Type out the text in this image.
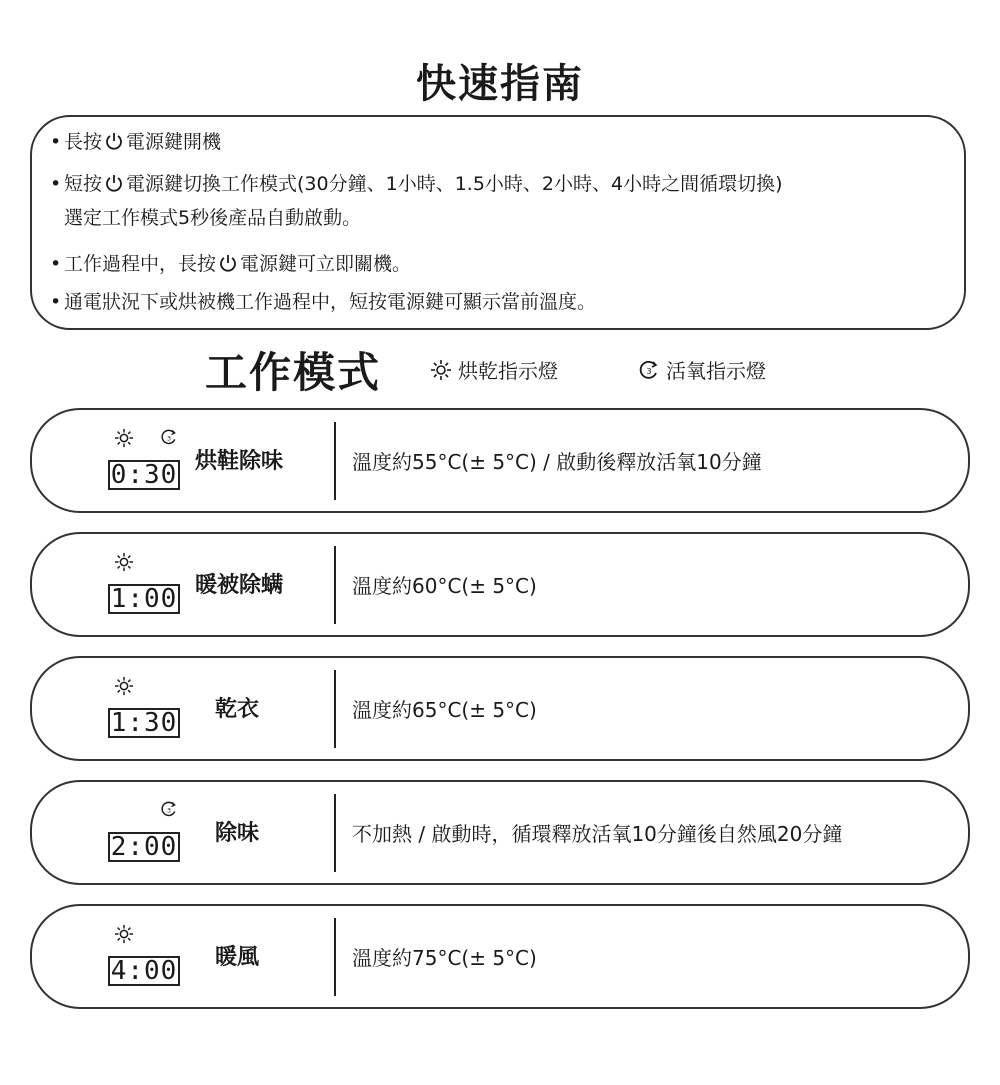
快速指南
• 長按 電源鍵開機
• 短按 電源鍵切換工作模式(30分鐘、1小時、1.5小時、2小時、4小時之間循環切換)
選定工作模式5秒後產品自動啟動。
• 工作過程中，長按 電源鍵可立即關機。
• 通電狀況下或烘被機工作過程中，短按電源鍵可顯示當前溫度。
工作模式	烘乾指示燈	3 活氧指示燈
3
0:30 烘鞋除味	溫度約55°C(± 5°C) / 啟動後釋放活氧10分鐘
1:00 暖被除螨	溫度約60°C(± 5°C)
1:30 乾衣	溫度約65°C(± 5°C)
3
2:00 除味	不加熱 / 啟動時，循環釋放活氧10分鐘後自然風20分鐘
4:00 暖風	溫度約75°C(± 5°C)
